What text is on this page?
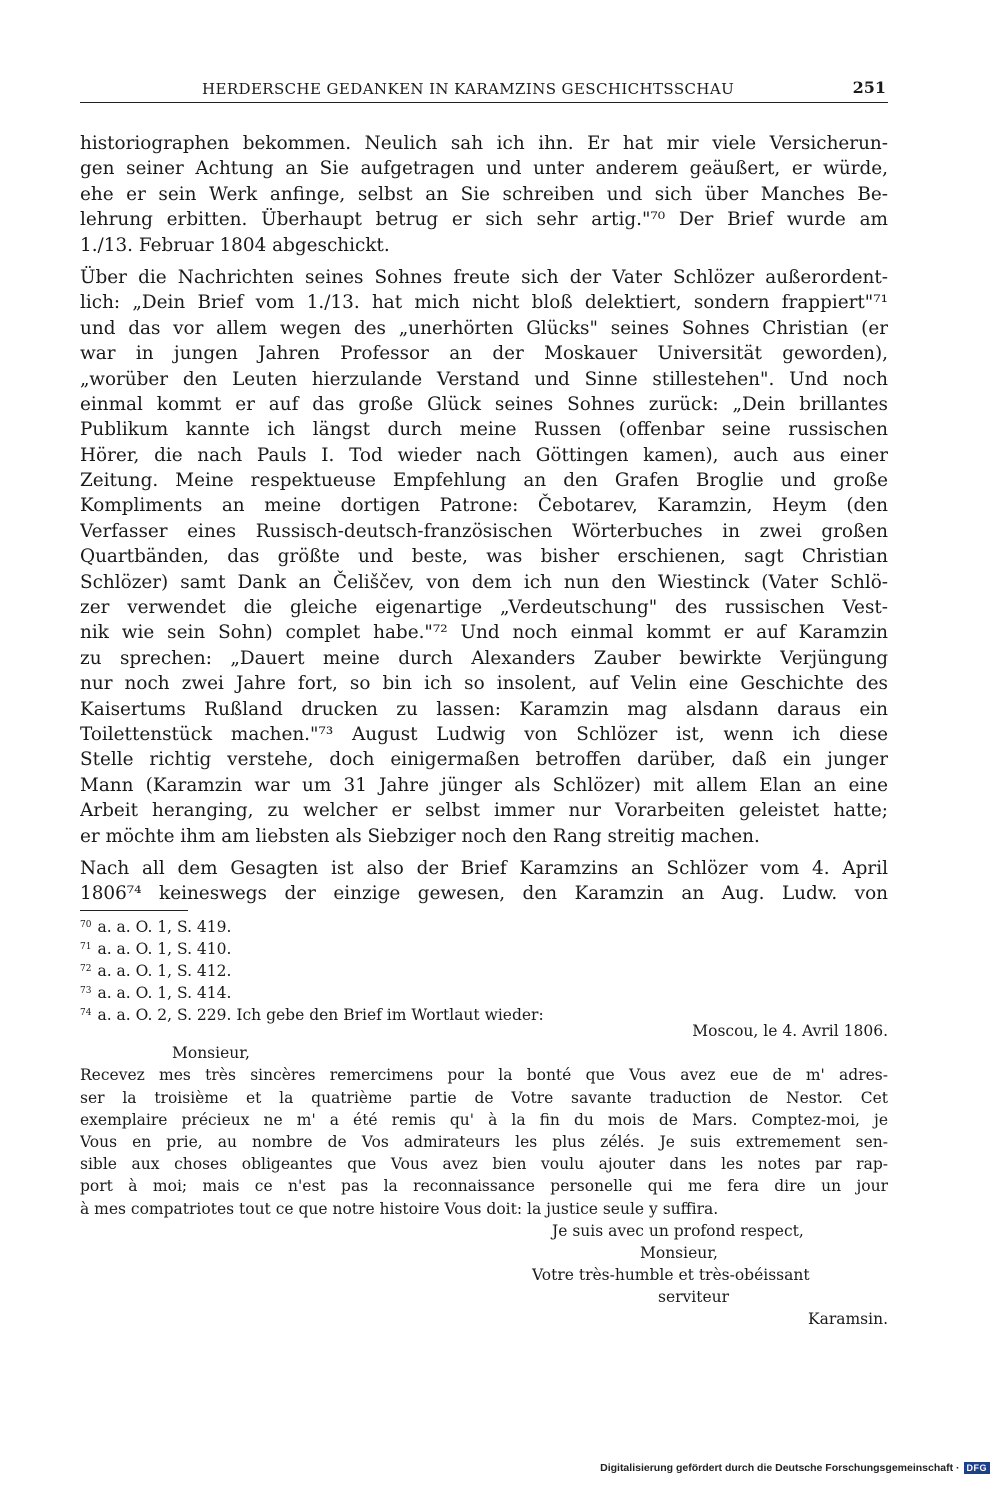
HERDERSCHE GEDANKEN IN KARAMZINS GESCHICHTSSCHAU	251
historiographen bekommen. Neulich sah ich ihn. Er hat mir viele Versicherun-
gen seiner Achtung an Sie aufgetragen und unter anderem geäußert, er würde,
ehe er sein Werk anfinge, selbst an Sie schreiben und sich über Manches Be-
lehrung erbitten. Überhaupt betrug er sich sehr artig."⁷⁰ Der Brief wurde am
1./13. Februar 1804 abgeschickt.
Über die Nachrichten seines Sohnes freute sich der Vater Schlözer außerordent-
lich: „Dein Brief vom 1./13. hat mich nicht bloß delektiert, sondern frappiert"⁷¹
und das vor allem wegen des „unerhörten Glücks" seines Sohnes Christian (er
war in jungen Jahren Professor an der Moskauer Universität geworden),
„worüber den Leuten hierzulande Verstand und Sinne stillestehen". Und noch
einmal kommt er auf das große Glück seines Sohnes zurück: „Dein brillantes
Publikum kannte ich längst durch meine Russen (offenbar seine russischen
Hörer, die nach Pauls I. Tod wieder nach Göttingen kamen), auch aus einer
Zeitung. Meine respektueuse Empfehlung an den Grafen Broglie und große
Kompliments an meine dortigen Patrone: Čebotarev, Karamzin, Heym (den
Verfasser eines Russisch-deutsch-französischen Wörterbuches in zwei großen
Quartbänden, das größte und beste, was bisher erschienen, sagt Christian
Schlözer) samt Dank an Čeliščev, von dem ich nun den Wiestinck (Vater Schlö-
zer verwendet die gleiche eigenartige „Verdeutschung" des russischen Vest-
nik wie sein Sohn) complet habe."⁷² Und noch einmal kommt er auf Karamzin
zu sprechen: „Dauert meine durch Alexanders Zauber bewirkte Verjüngung
nur noch zwei Jahre fort, so bin ich so insolent, auf Velin eine Geschichte des
Kaisertums Rußland drucken zu lassen: Karamzin mag alsdann daraus ein
Toilettenstück machen."⁷³ August Ludwig von Schlözer ist, wenn ich diese
Stelle richtig verstehe, doch einigermaßen betroffen darüber, daß ein junger
Mann (Karamzin war um 31 Jahre jünger als Schlözer) mit allem Elan an eine
Arbeit heranging, zu welcher er selbst immer nur Vorarbeiten geleistet hatte;
er möchte ihm am liebsten als Siebziger noch den Rang streitig machen.
Nach all dem Gesagten ist also der Brief Karamzins an Schlözer vom 4. April
1806⁷⁴ keineswegs der einzige gewesen, den Karamzin an Aug. Ludw. von
$^{70}$ a. a. O. 1, S. 419.
$^{71}$ a. a. O. 1, S. 410.
$^{72}$ a. a. O. 1, S. 412.
$^{73}$ a. a. O. 1, S. 414.
$^{74}$ a. a. O. 2, S. 229. Ich gebe den Brief im Wortlaut wieder:
Moscou, le 4. Avril 1806.
Monsieur,
Recevez mes très sincères remercimens pour la bonté que Vous avez eue de m' adres-
ser la troisième et la quatrième partie de Votre savante traduction de Nestor. Cet
exemplaire précieux ne m' a été remis qu' à la fin du mois de Mars. Comptez-moi, je
Vous en prie, au nombre de Vos admirateurs les plus zélés. Je suis extremement sen-
sible aux choses obligeantes que Vous avez bien voulu ajouter dans les notes par rap-
port à moi; mais ce n'est pas la reconnaissance personelle qui me fera dire un jour
à mes compatriotes tout ce que notre histoire Vous doit: la justice seule y suffira.
Je suis avec un profond respect,
Monsieur,
Votre très-humble et très-obéissant
serviteur
Karamsin.
Digitalisierung gefördert durch die Deutsche Forschungsgemeinschaft · DFG
